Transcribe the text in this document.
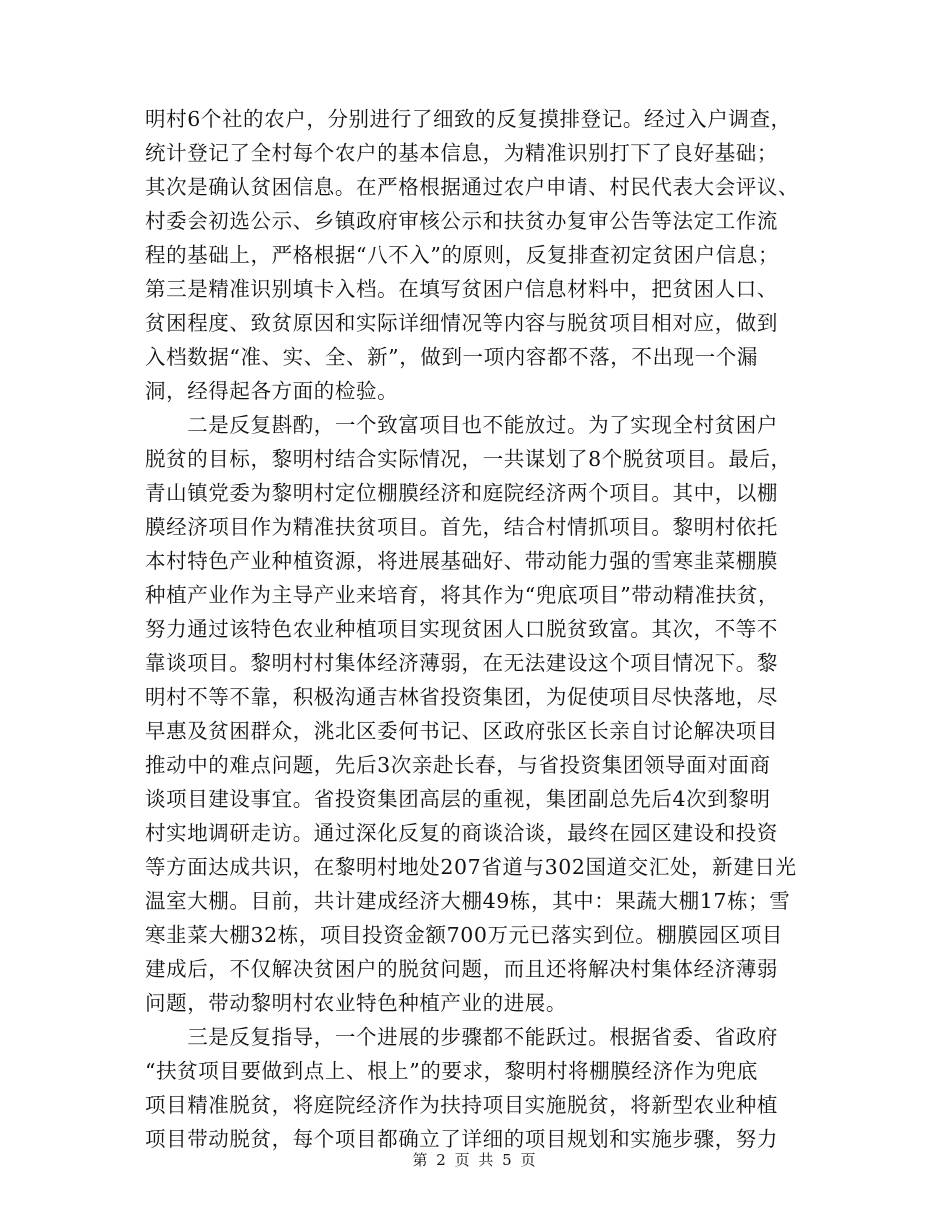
明村6个社的农户，分别进行了细致的反复摸排登记。经过入户调查，
统计登记了全村每个农户的基本信息，为精准识别打下了良好基础；
其次是确认贫困信息。在严格根据通过农户申请、村民代表大会评议、
村委会初选公示、乡镇政府审核公示和扶贫办复审公告等法定工作流
程的基础上，严格根据“八不入”的原则，反复排查初定贫困户信息；
第三是精准识别填卡入档。在填写贫困户信息材料中，把贫困人口、
贫困程度、致贫原因和实际详细情况等内容与脱贫项目相对应，做到
入档数据“准、实、全、新”，做到一项内容都不落，不出现一个漏
洞，经得起各方面的检验。
　　二是反复斟酌，一个致富项目也不能放过。为了实现全村贫困户
脱贫的目标，黎明村结合实际情况，一共谋划了8个脱贫项目。最后，
青山镇党委为黎明村定位棚膜经济和庭院经济两个项目。其中，以棚
膜经济项目作为精准扶贫项目。首先，结合村情抓项目。黎明村依托
本村特色产业种植资源，将进展基础好、带动能力强的雪寒韭菜棚膜
种植产业作为主导产业来培育，将其作为“兜底项目”带动精准扶贫，
努力通过该特色农业种植项目实现贫困人口脱贫致富。其次，不等不
靠谈项目。黎明村村集体经济薄弱，在无法建设这个项目情况下。黎
明村不等不靠，积极沟通吉林省投资集团，为促使项目尽快落地，尽
早惠及贫困群众，洮北区委何书记、区政府张区长亲自讨论解决项目
推动中的难点问题，先后3次亲赴长春，与省投资集团领导面对面商
谈项目建设事宜。省投资集团高层的重视，集团副总先后4次到黎明
村实地调研走访。通过深化反复的商谈洽谈，最终在园区建设和投资
等方面达成共识，在黎明村地处207省道与302国道交汇处，新建日光
温室大棚。目前，共计建成经济大棚49栋，其中：果蔬大棚17栋；雪
寒韭菜大棚32栋，项目投资金额700万元已落实到位。棚膜园区项目
建成后，不仅解决贫困户的脱贫问题，而且还将解决村集体经济薄弱
问题，带动黎明村农业特色种植产业的进展。
　　三是反复指导，一个进展的步骤都不能跃过。根据省委、省政府
“扶贫项目要做到点上、根上”的要求，黎明村将棚膜经济作为兜底
项目精准脱贫，将庭院经济作为扶持项目实施脱贫，将新型农业种植
项目带动脱贫，每个项目都确立了详细的项目规划和实施步骤，努力
第 2 页 共 5 页
